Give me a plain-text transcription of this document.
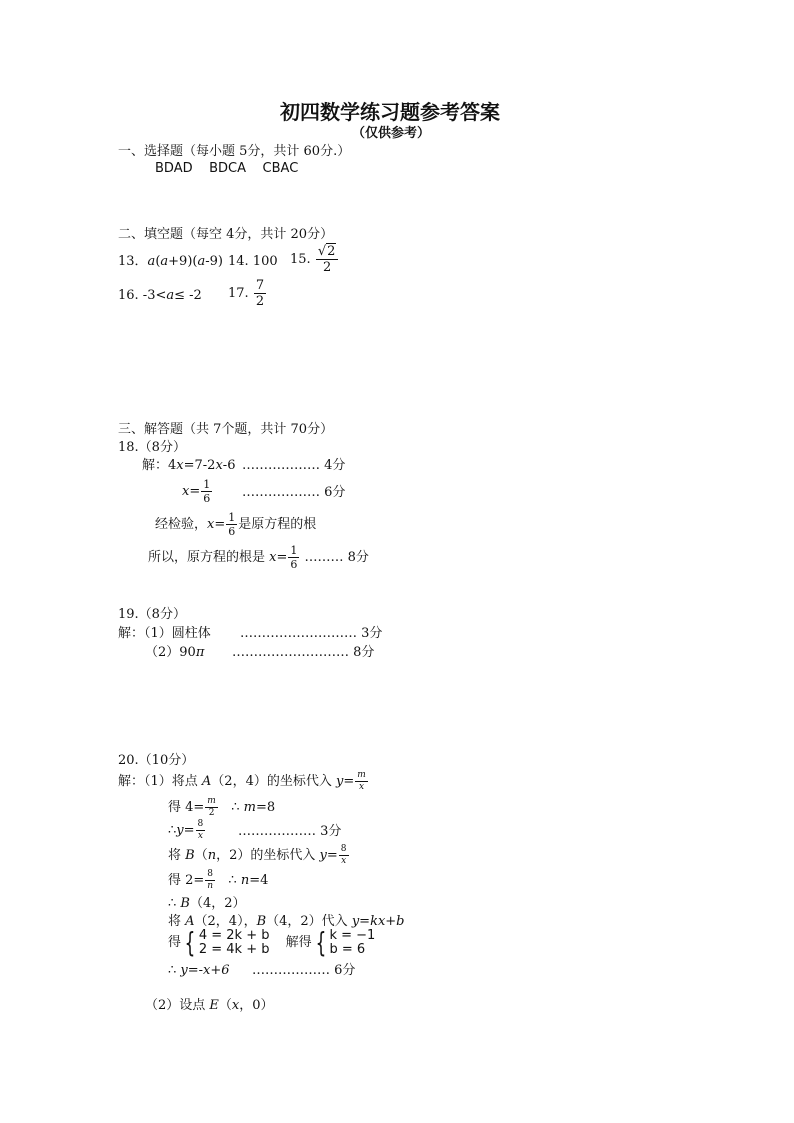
初四数学练习题参考答案
（仅供参考）
一、选择题（每小题 5分，共计 60分.）
BDAD    BDCA    CBAC
二、填空题（每空 4分，共计 20分）
13．a(a+9)(a-9) 14. 100 15. $\frac{√2}{2}$
16. -3<a≤ -2 17. $\frac{7}{2}$
三、解答题（共 7个题，共计 70分）
18.（8分）
解：4x=7-2x-6 ……………… 4分
$x= \frac{1}{6}$ ……………… 6分
经检验，$x= \frac{1}{6}$ 是原方程的根
所以，原方程的根是 $x= \frac{1}{6}$ ……… 8分
19.（8分）
解：（1）圆柱体 ……………………… 3分
（2）90π ……………………… 8分
20.（10分）
解：（1）将点 A（2，4）的坐标代入 $y= \frac{m}{x}$
得 $4= \frac{m}{2}$ ∴ m=8
∴y= $\frac{8}{x}$	……………… 3分
将 B（n，2）的坐标代入 $y= \frac{8}{x}$
得 $2= \frac{8}{n}$ ∴ n=4
∴ B（4，2）
将 A（2，4），B（4，2）代入 y=kx+b
得 { 4 = 2k + b
2 = 4k + b
解得 { k = −1
b = 6
∴ y=-x+6 ……………… 6分
（2）设点 E（x，0）
